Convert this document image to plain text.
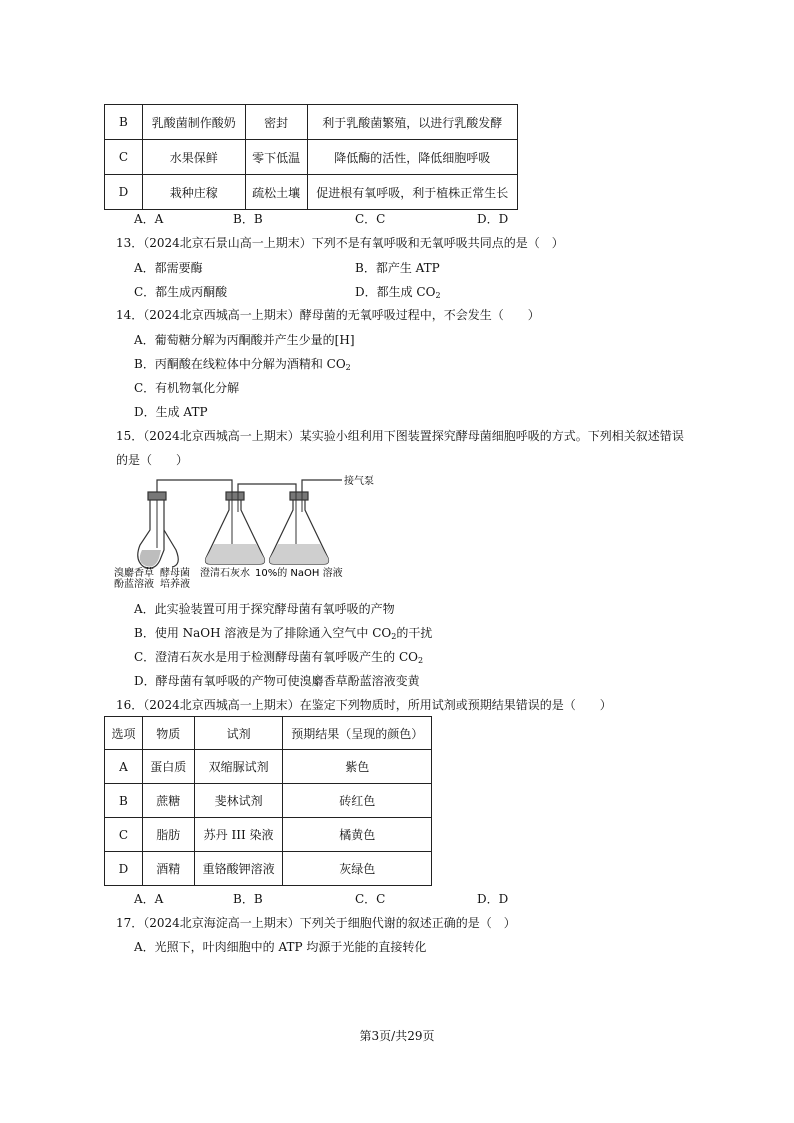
B	乳酸菌制作酸奶	密封	利于乳酸菌繁殖，以进行乳酸发酵
C	水果保鲜	零下低温	降低酶的活性，降低细胞呼吸
D	栽种庄稼	疏松土壤	促进根有氧呼吸，利于植株正常生长
A．A	B．B	C．C	D．D
13．（2024北京石景山高一上期末）下列不是有氧呼吸和无氧呼吸共同点的是（　）
A．都需要酶	B．都产生 ATP
C．都生成丙酮酸	D．都生成 $CO_2$
14．（2024北京西城高一上期末）酵母菌的无氧呼吸过程中，不会发生（　　）
A．葡萄糖分解为丙酮酸并产生少量的[H]
B．丙酮酸在线粒体中分解为酒精和 $CO_2$
C．有机物氧化分解
D．生成 ATP
15．（2024北京西城高一上期末）某实验小组利用下图装置探究酵母菌细胞呼吸的方式。下列相关叙述错误
的是（　　）
接气泵
溴麝香草
酚蓝溶液
酵母菌
培养液
澄清石灰水 10%的 NaOH 溶液
A．此实验装置可用于探究酵母菌有氧呼吸的产物
B．使用 NaOH 溶液是为了排除通入空气中 $CO_2$的干扰
C．澄清石灰水是用于检测酵母菌有氧呼吸产生的 $CO_2$
D．酵母菌有氧呼吸的产物可使溴麝香草酚蓝溶液变黄
16．（2024北京西城高一上期末）在鉴定下列物质时，所用试剂或预期结果错误的是（　　）
选项	物质	试剂	预期结果（呈现的颜色）
A	蛋白质	双缩脲试剂	紫色
B	蔗糖	斐林试剂	砖红色
C	脂肪	苏丹 III 染液	橘黄色
D	酒精	重铬酸钾溶液	灰绿色
A．A	B．B	C．C	D．D
17．（2024北京海淀高一上期末）下列关于细胞代谢的叙述正确的是（　）
A．光照下，叶肉细胞中的 ATP 均源于光能的直接转化
第3页/共29页
